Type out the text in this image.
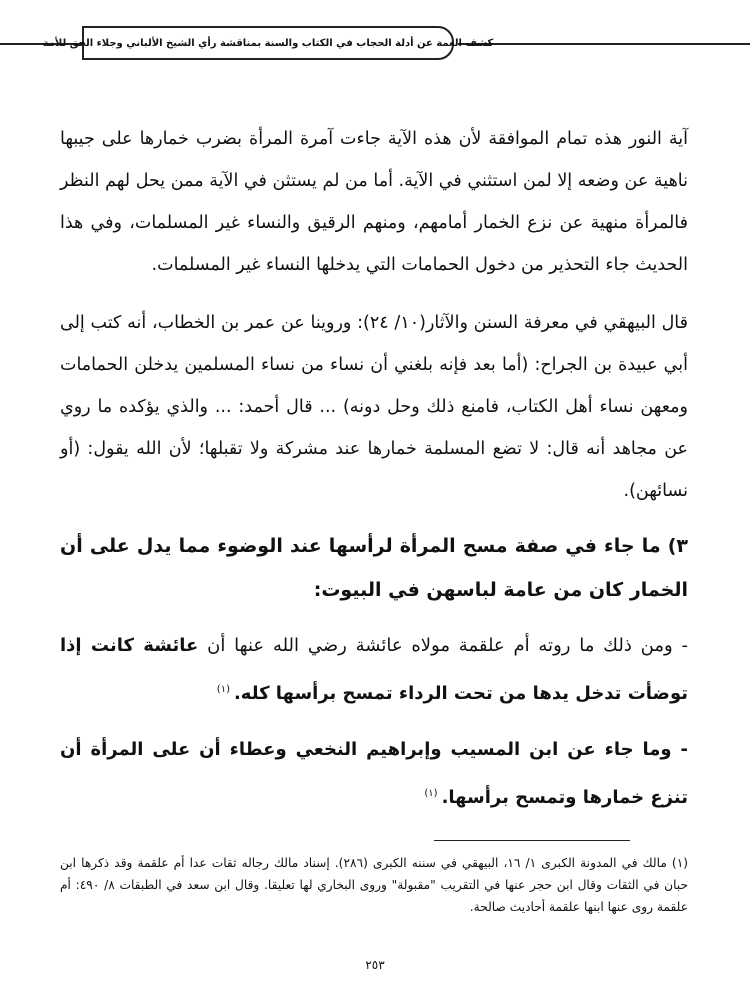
كشف الغمة عن أدلة الحجاب في الكتاب والسنة بمناقشة رأي الشيخ الألباني وجلاء الحق للأمة

آية النور هذه تمام الموافقة لأن هذه الآية جاءت آمرة المرأة بضرب خمارها على جيبها ناهية عن وضعه إلا لمن استثني في الآية. أما من لم يستثن في الآية ممن يحل لهم النظر فالمرأة منهية عن نزع الخمار أمامهم، ومنهم الرقيق والنساء غير المسلمات، وفي هذا الحديث جاء التحذير من دخول الحمامات التي يدخلها النساء غير المسلمات.

قال البيهقي في معرفة السنن والآثار(١٠/ ٢٤): وروينا عن عمر بن الخطاب، أنه كتب إلى أبي عبيدة بن الجراح: (أما بعد فإنه بلغني أن نساء من نساء المسلمين يدخلن الحمامات ومعهن نساء أهل الكتاب، فامنع ذلك وحل دونه) ... قال أحمد: ... والذي يؤكده ما روي عن مجاهد أنه قال: لا تضع المسلمة خمارها عند مشركة ولا تقبلها؛ لأن الله يقول: (أو نسائهن).

٣) ما جاء في صفة مسح المرأة لرأسها عند الوضوء مما يدل على أن الخمار كان من عامة لباسهن في البيوت:

- ومن ذلك ما روته أم علقمة مولاه عائشة رضي الله عنها أن عائشة كانت إذا توضأت تدخل يدها من تحت الرداء تمسح برأسها كله.$^{(١)}$

- وما جاء عن ابن المسيب وإبراهيم النخعي وعطاء أن على المرأة أن تنزع خمارها وتمسح برأسها.$^{(١)}$

(١) مالك في المدونة الكبرى ١/ ١٦، البيهقي في سننه الكبرى (٢٨٦). إسناد مالك رجاله ثقات عدا أم علقمة وقد ذكرها ابن حبان في الثقات وقال ابن حجر عنها في التقريب "مقبولة" وروى البخاري لها تعليقا. وقال ابن سعد في الطبقات ٨/ ٤٩٠: أم علقمة روى عنها ابنها علقمة أحاديث صالحة.

٢٥٣
